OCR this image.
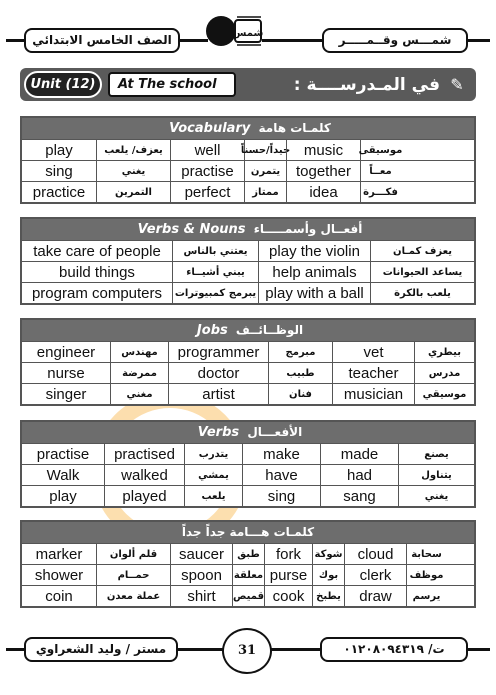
الصف الخامس الابتدائي	شمـــس وقــمـــــر
شمس
Unit (12)	At The school	في المـدرســــة : ✎
Vocabulary كلمـات هامة
play	يعزف/ يلعب	well	جيداً/حسناً music	موسيقى
sing	يغني	practise	يتمرن	together	معــاً
practice	التمرين	perfect	ممتاز	idea	فكـــرة
Verbs & Nouns أفعــال وأسمـــــاء
take care of people	يعتني بالناس	play the violin	يعزف كمـان
build things	يبني أشيــاء	help animals	يساعد الحيوانات
program computers	يبرمج كمبيوترات play with a ball	يلعب بالكرة
Jobs الوظــائــف
engineer	مهندس	programmer	مبرمج	vet	بيطري
nurse	ممرضة	doctor	طبيب	teacher	مدرس
singer	مغني	artist	فنان	musician	موسيقي
Verbs الأفعـــال
practise	practised	يتدرب	make	made	يصنع
Walk	walked	يمشي	have	had	يتناول
play	played	يلعب	sing	sang	يغني
كلمـات هـــامة جداً جداً
marker	قلم ألوان	saucer	طبق	fork	شوكة	cloud	سحابة
shower	حمــام	spoon	معلقة purse	بوك	clerk	موظف
coin	عملة معدن	shirt	قميص cook	يطبخ	draw	يرسم
مستر / وليد الشعراوي	31	ت/ ٠١٢٠٨٠٩٤٣١٩
